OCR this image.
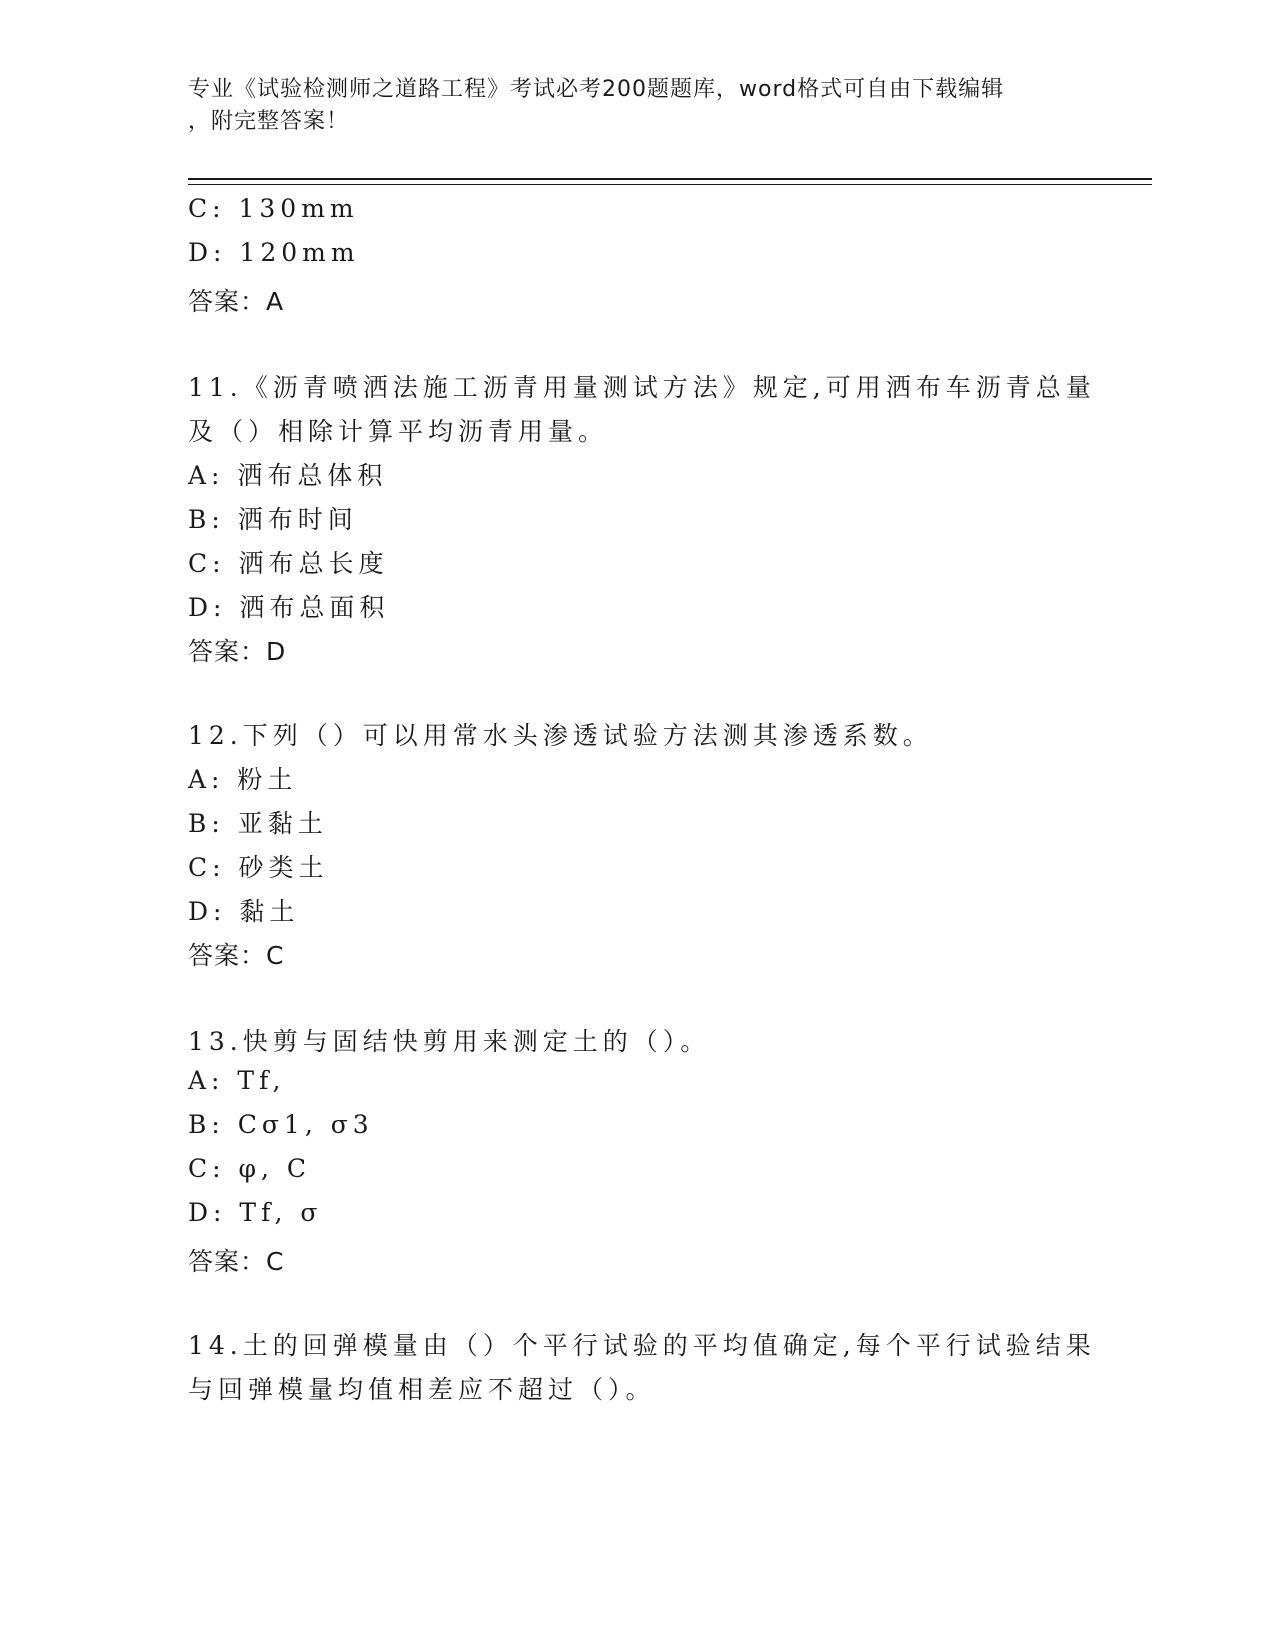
专业《试验检测师之道路工程》考试必考200题题库，word格式可自由下载编辑
，附完整答案！
C: 130mm
D: 120mm
答案：A
11.《沥青喷洒法施工沥青用量测试方法》规定,可用洒布车沥青总量
及（）相除计算平均沥青用量。
A: 洒布总体积
B: 洒布时间
C: 洒布总长度
D: 洒布总面积
答案：D
12.下列（）可以用常水头渗透试验方法测其渗透系数。
A: 粉土
B: 亚黏土
C: 砂类土
D: 黏土
答案：C
13.快剪与固结快剪用来测定土的（）。
A: Tf,
B: Cσ1, σ3
C: φ, C
D: Tf, σ
答案：C
14.土的回弹模量由（）个平行试验的平均值确定,每个平行试验结果
与回弹模量均值相差应不超过（）。
